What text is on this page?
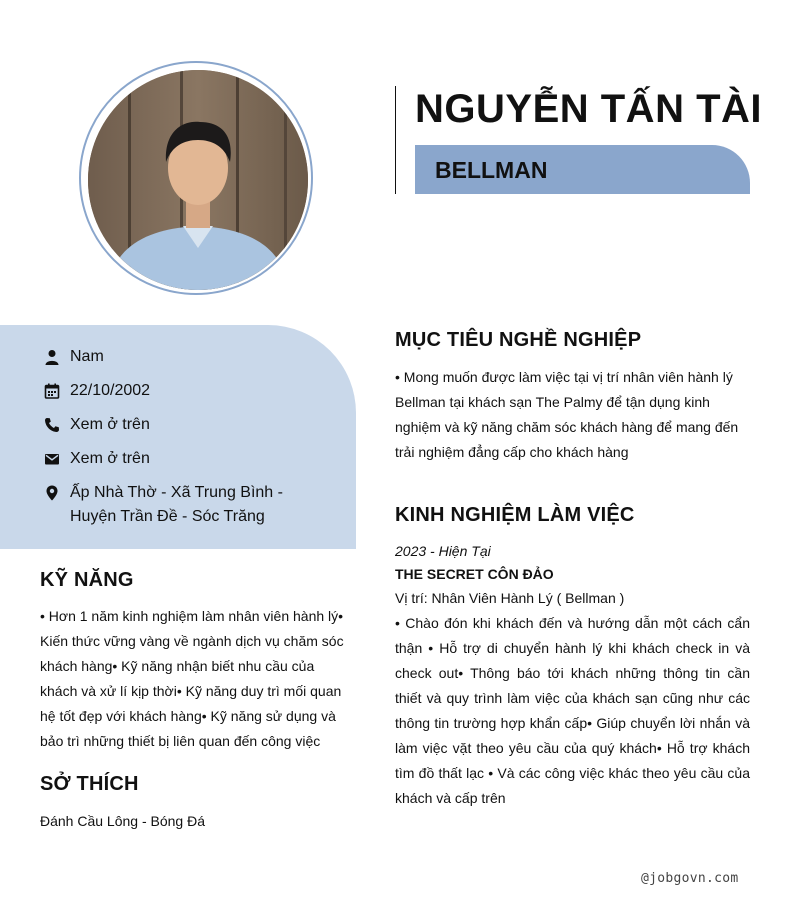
NGUYỄN TẤN TÀI
BELLMAN
Nam
22/10/2002
Xem ở trên
Xem ở trên
Ấp Nhà Thờ - Xã Trung Bình -
Huyện Trần Đề - Sóc Trăng
KỸ NĂNG

• Hơn 1 năm kinh nghiệm làm nhân viên hành lý• Kiến thức vững vàng về ngành dịch vụ chăm sóc khách hàng• Kỹ năng nhận biết nhu cầu của khách và xử lí kịp thời• Kỹ năng duy trì mối quan hệ tốt đẹp với khách hàng• Kỹ năng sử dụng và bảo trì những thiết bị liên quan đến công việc

SỞ THÍCH

Đánh Cầu Lông - Bóng Đá

MỤC TIÊU NGHỀ NGHIỆP

• Mong muốn được làm việc tại vị trí nhân viên hành lý Bellman tại khách sạn The Palmy để tận dụng kinh nghiệm và kỹ năng chăm sóc khách hàng để mang đến trải nghiệm đẳng cấp cho khách hàng

KINH NGHIỆM LÀM VIỆC
2023 - Hiện Tại
THE SECRET CÔN ĐẢO
Vị trí: Nhân Viên Hành Lý ( Bellman )

• Chào đón khi khách đến và hướng dẫn một cách cẩn thận • Hỗ trợ di chuyển hành lý khi khách check in và check out• Thông báo tới khách những thông tin cần thiết và quy trình làm việc của khách sạn cũng như các thông tin trường hợp khẩn cấp• Giúp chuyển lời nhắn và làm việc vặt theo yêu cầu của quý khách• Hỗ trợ khách tìm đồ thất lạc • Và các công việc khác theo yêu cầu của khách và cấp trên

@jobgovn.com
